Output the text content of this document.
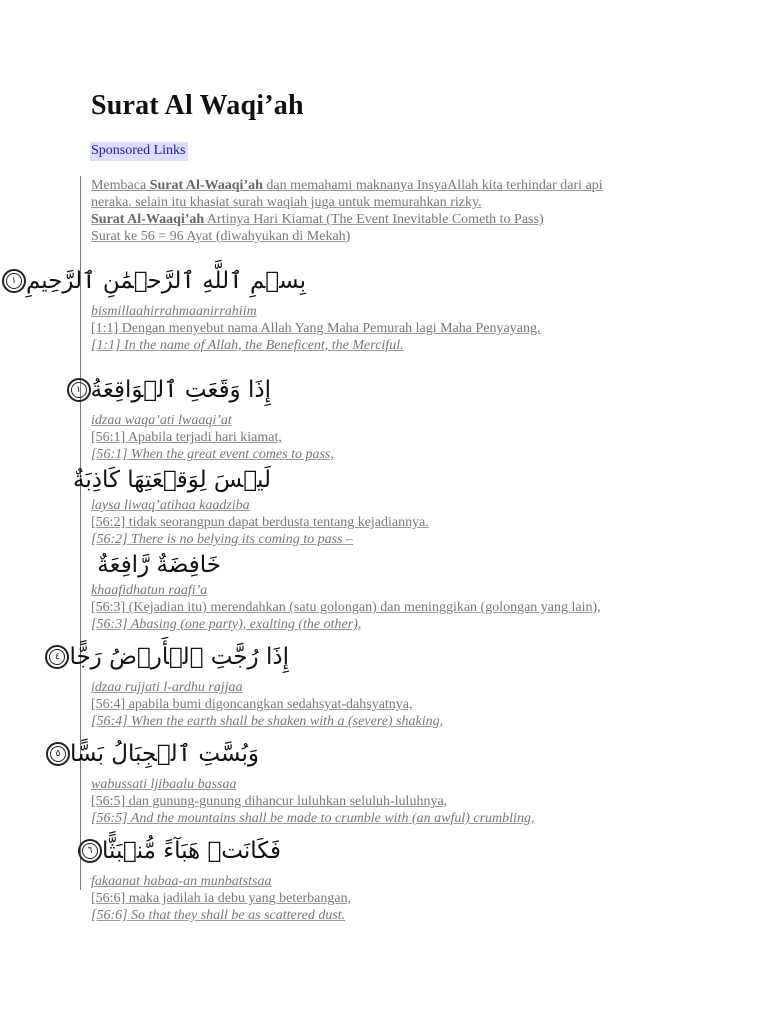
Surat Al Waqi’ah
Sponsored Links

Membaca Surat Al-Waaqi’ah dan memahami maknanya InsyaAllah kita terhindar dari api

neraka. selain itu khasiat surah waqiah juga untuk memurahkan rizky.

Surat Al-Waaqi’ah Artinya Hari Kiamat (The Event Inevitable Cometh to Pass)

Surat ke 56 = 96 Ayat (diwahyukan di Mekah)

بِسۡمِ ٱللَّهِ ٱلرَّحۡمَٰنِ ٱلرَّحِيمِ
١

bismillaahirrahmaanirrahiim

[1:1] Dengan menyebut nama Allah Yang Maha Pemurah lagi Maha Penyayang.

[1:1] In the name of Allah, the Beneficent, the Merciful.

إِذَا وَقَعَتِ ٱلۡوَاقِعَةُ
١

idzaa waqa’ati lwaaqi’at

[56:1] Apabila terjadi hari kiamat,

[56:1] When the great event comes to pass,

لَيۡسَ لِوَقۡعَتِهَا كَاذِبَةٌ

laysa liwaq’atihaa kaadziba

[56:2] tidak seorangpun dapat berdusta tentang kejadiannya.

[56:2] There is no belying its coming to pass –

خَافِضَةٌ رَّافِعَةٌ

khaafidhatun raafi’a

[56:3] (Kejadian itu) merendahkan (satu golongan) dan meninggikan (golongan yang lain),

[56:3] Abasing (one party), exalting (the other),

إِذَا رُجَّتِ ٱلۡأَرۡضُ رَجًّا
٤

idzaa rujjati l-ardhu rajjaa

[56:4] apabila bumi digoncangkan sedahsyat-dahsyatnya,

[56:4] When the earth shall be shaken with a (severe) shaking,

وَبُسَّتِ ٱلۡجِبَالُ بَسًّا
٥

wabussati ljibaalu bassaa

[56:5] dan gunung-gunung dihancur luluhkan seluluh-luluhnya,

[56:5] And the mountains shall be made to crumble with (an awful) crumbling,

فَكَانَتۡ هَبَآءً مُّنۢبَثًّا
٦

fakaanat habaa-an munbatstsaa

[56:6] maka jadilah ia debu yang beterbangan,

[56:6] So that they shall be as scattered dust.
